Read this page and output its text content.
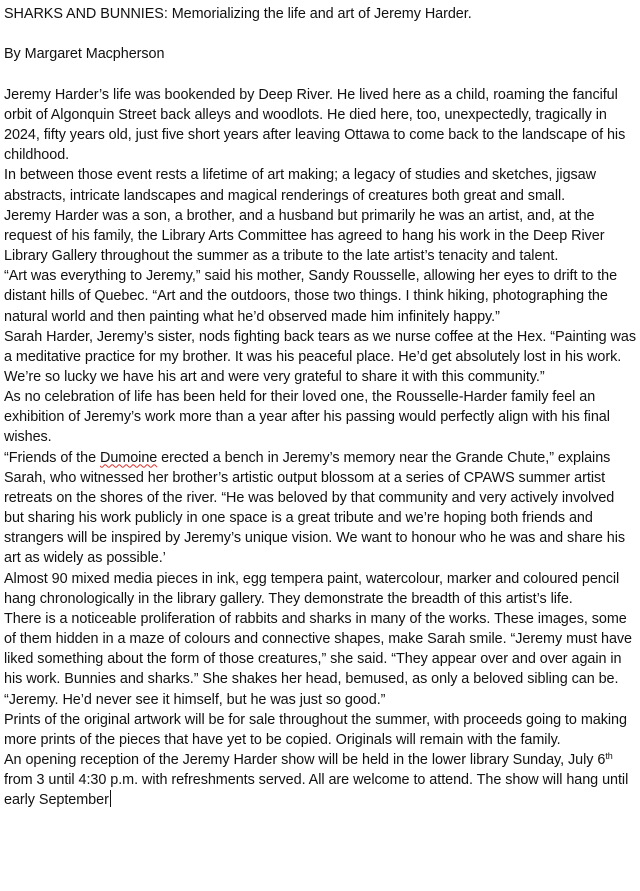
SHARKS AND BUNNIES: Memorializing the life and art of Jeremy Harder.

By Margaret Macpherson

Jeremy Harder’s life was bookended by Deep River. He lived here as a child, roaming the fanciful orbit of Algonquin Street back alleys and woodlots. He died here, too, unexpectedly, tragically in 2024, fifty years old, just five short years after leaving Ottawa to come back to the landscape of his childhood.

In between those event rests a lifetime of art making; a legacy of studies and sketches, jigsaw abstracts, intricate landscapes and magical renderings of creatures both great and small.

Jeremy Harder was a son, a brother, and a husband but primarily he was an artist, and, at the request of his family, the Library Arts Committee has agreed to hang his work in the Deep River Library Gallery throughout the summer as a tribute to the late artist’s tenacity and talent.

“Art was everything to Jeremy,” said his mother, Sandy Rousselle, allowing her eyes to drift to the distant hills of Quebec. “Art and the outdoors, those two things. I think hiking, photographing the natural world and then painting what he’d observed made him infinitely happy.”

Sarah Harder, Jeremy’s sister, nods fighting back tears as we nurse coffee at the Hex. “Painting was a meditative practice for my brother. It was his peaceful place. He’d get absolutely lost in his work. We’re so lucky we have his art and were very grateful to share it with this community.”

As no celebration of life has been held for their loved one, the Rousselle-Harder family feel an exhibition of Jeremy’s work more than a year after his passing would perfectly align with his final wishes.

“Friends of the Dumoine erected a bench in Jeremy’s memory near the Grande Chute,” explains Sarah, who witnessed her brother’s artistic output blossom at a series of CPAWS summer artist retreats on the shores of the river. “He was beloved by that community and very actively involved but sharing his work publicly in one space is a great tribute and we’re hoping both friends and strangers will be inspired by Jeremy’s unique vision. We want to honour who he was and share his art as widely as possible.’

Almost 90 mixed media pieces in ink, egg tempera paint, watercolour, marker and coloured pencil hang chronologically in the library gallery. They demonstrate the breadth of this artist’s life.

There is a noticeable proliferation of rabbits and sharks in many of the works. These images, some of them hidden in a maze of colours and connective shapes, make Sarah smile. “Jeremy must have liked something about the form of those creatures,” she said. “They appear over and over again in his work. Bunnies and sharks.” She shakes her head, bemused, as only a beloved sibling can be. “Jeremy. He’d never see it himself, but he was just so good.”

Prints of the original artwork will be for sale throughout the summer, with proceeds going to making more prints of the pieces that have yet to be copied. Originals will remain with the family.

An opening reception of the Jeremy Harder show will be held in the lower library Sunday, July 6th from 3 until 4:30 p.m. with refreshments served. All are welcome to attend. The show will hang until early September
